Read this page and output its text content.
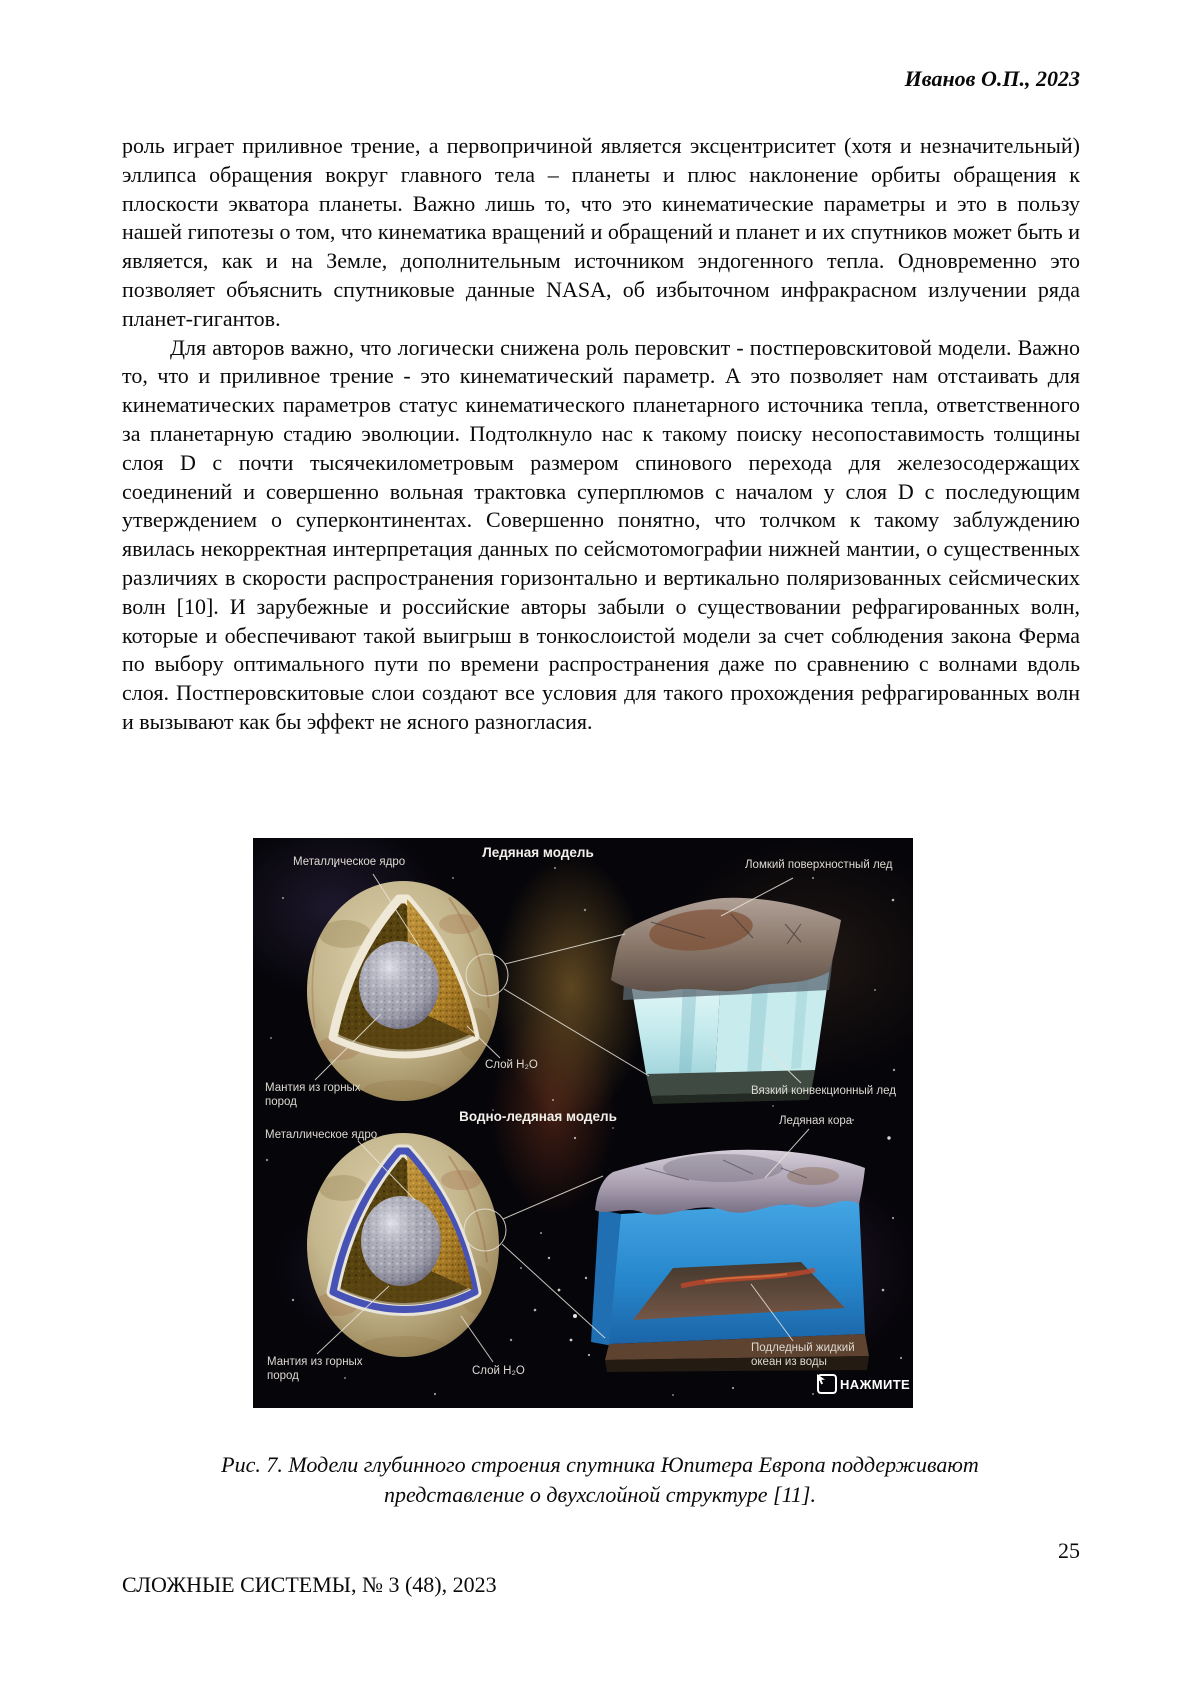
Иванов О.П., 2023

роль играет приливное трение, а первопричиной является эксцентриситет (хотя и незначительный) эллипса обращения вокруг главного тела – планеты и плюс наклонение орбиты обращения к плоскости экватора планеты. Важно лишь то, что это кинематические параметры и это в пользу нашей гипотезы о том, что кинематика вращений и обращений и планет и их спутников может быть и является, как и на Земле, дополнительным источником эндогенного тепла. Одновременно это позволяет объяснить спутниковые данные NASA, об избыточном инфракрасном излучении ряда планет-гигантов.

Для авторов важно, что логически снижена роль перовскит - постперовскитовой модели. Важно то, что и приливное трение - это кинематический параметр. А это позволяет нам отстаивать для кинематических параметров статус кинематического планетарного источника тепла, ответственного за планетарную стадию эволюции. Подтолкнуло нас к такому поиску несопоставимость толщины слоя D с почти тысячекилометровым размером спинового перехода для железосодержащих соединений и совершенно вольная трактовка суперплюмов с началом у слоя D с последующим утверждением о суперконтинентах. Совершенно понятно, что толчком к такому заблуждению явилась некорректная интерпретация данных по сейсмотомографии нижней мантии, о существенных различиях в скорости распространения горизонтально и вертикально поляризованных сейсмических волн [10]. И зарубежные и российские авторы забыли о существовании рефрагированных волн, которые и обеспечивают такой выигрыш в тонкослоистой модели за счет соблюдения закона Ферма по выбору оптимального пути по времени распространения даже по сравнению с волнами вдоль слоя. Постперовскитовые слои создают все условия для такого прохождения рефрагированных волн и вызывают как бы эффект не ясного разногласия.

Ледяная модель
Металлическое ядро	Ломкий поверхностный лед
Слой H₂O
Мантия из горных пород
Вязкий конвекционный лед
Водно-ледяная модель	Ледяная кора
Металлическое ядро
Подледный жидкий океан из воды
Мантия из горных пород	Слой H₂O
НАЖМИТЕ
Рис. 7. Модели глубинного строения спутника Юпитера Европа поддерживают представление о двухслойной структуре [11].
25
СЛОЖНЫЕ СИСТЕМЫ, № 3 (48), 2023
